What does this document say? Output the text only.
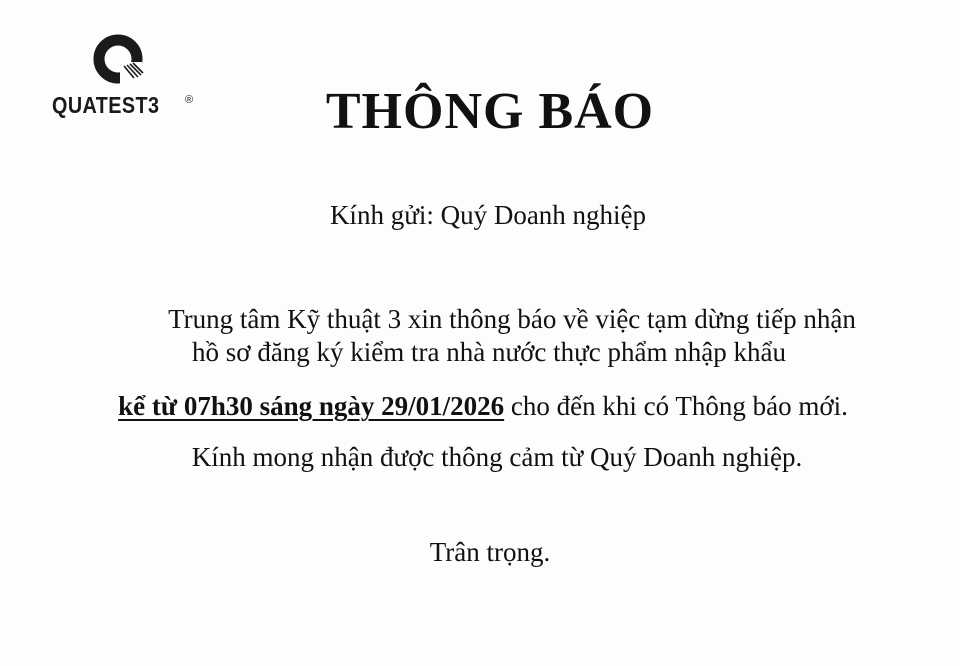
QUATEST3 ®	THÔNG BÁO
Kính gửi: Quý Doanh nghiệp
Trung tâm Kỹ thuật 3 xin thông báo về việc tạm dừng tiếp nhận
hồ sơ đăng ký kiểm tra nhà nước thực phẩm nhập khẩu
kể từ 07h30 sáng ngày 29/01/2026 cho đến khi có Thông báo mới.
Kính mong nhận được thông cảm từ Quý Doanh nghiệp.
Trân trọng.
